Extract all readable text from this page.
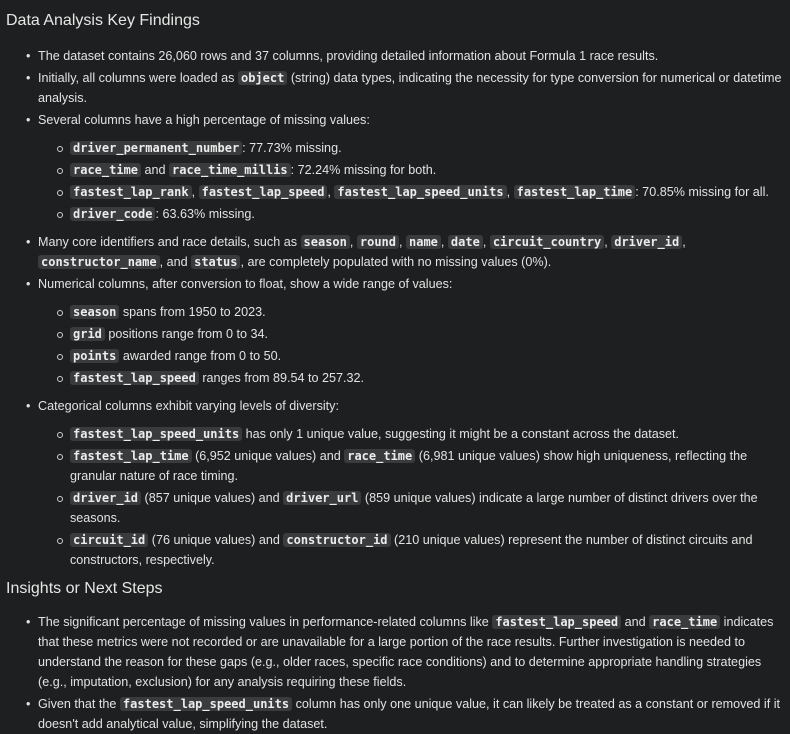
Data Analysis Key Findings
• The dataset contains 26,060 rows and 37 columns, providing detailed information about Formula 1 race results.
• Initially, all columns were loaded as object (string) data types, indicating the necessity for type conversion for numerical or datetime analysis.
• Several columns have a high percentage of missing values:
driver_permanent_number : 77.73% missing.
race_time and race_time_millis : 72.24% missing for both.
fastest_lap_rank , fastest_lap_speed , fastest_lap_speed_units , fastest_lap_time : 70.85% missing for all.
driver_code : 63.63% missing.
• Many core identifiers and race details, such as season , round , name , date , circuit_country , driver_id , constructor_name , and status , are completely populated with no missing values (0%).
• Numerical columns, after conversion to float, show a wide range of values:
season spans from 1950 to 2023.
grid positions range from 0 to 34.
points awarded range from 0 to 50.
fastest_lap_speed ranges from 89.54 to 257.32.
• Categorical columns exhibit varying levels of diversity:
fastest_lap_speed_units has only 1 unique value, suggesting it might be a constant across the dataset.
fastest_lap_time (6,952 unique values) and race_time (6,981 unique values) show high uniqueness, reflecting the granular nature of race timing.
driver_id (857 unique values) and driver_url (859 unique values) indicate a large number of distinct drivers over the seasons.
circuit_id (76 unique values) and constructor_id (210 unique values) represent the number of distinct circuits and constructors, respectively.
Insights or Next Steps
• The significant percentage of missing values in performance-related columns like fastest_lap_speed and race_time indicates that these metrics were not recorded or are unavailable for a large portion of the race results. Further investigation is needed to understand the reason for these gaps (e.g., older races, specific race conditions) and to determine appropriate handling strategies (e.g., imputation, exclusion) for any analysis requiring these fields.
• Given that the fastest_lap_speed_units column has only one unique value, it can likely be treated as a constant or removed if it doesn't add analytical value, simplifying the dataset.
